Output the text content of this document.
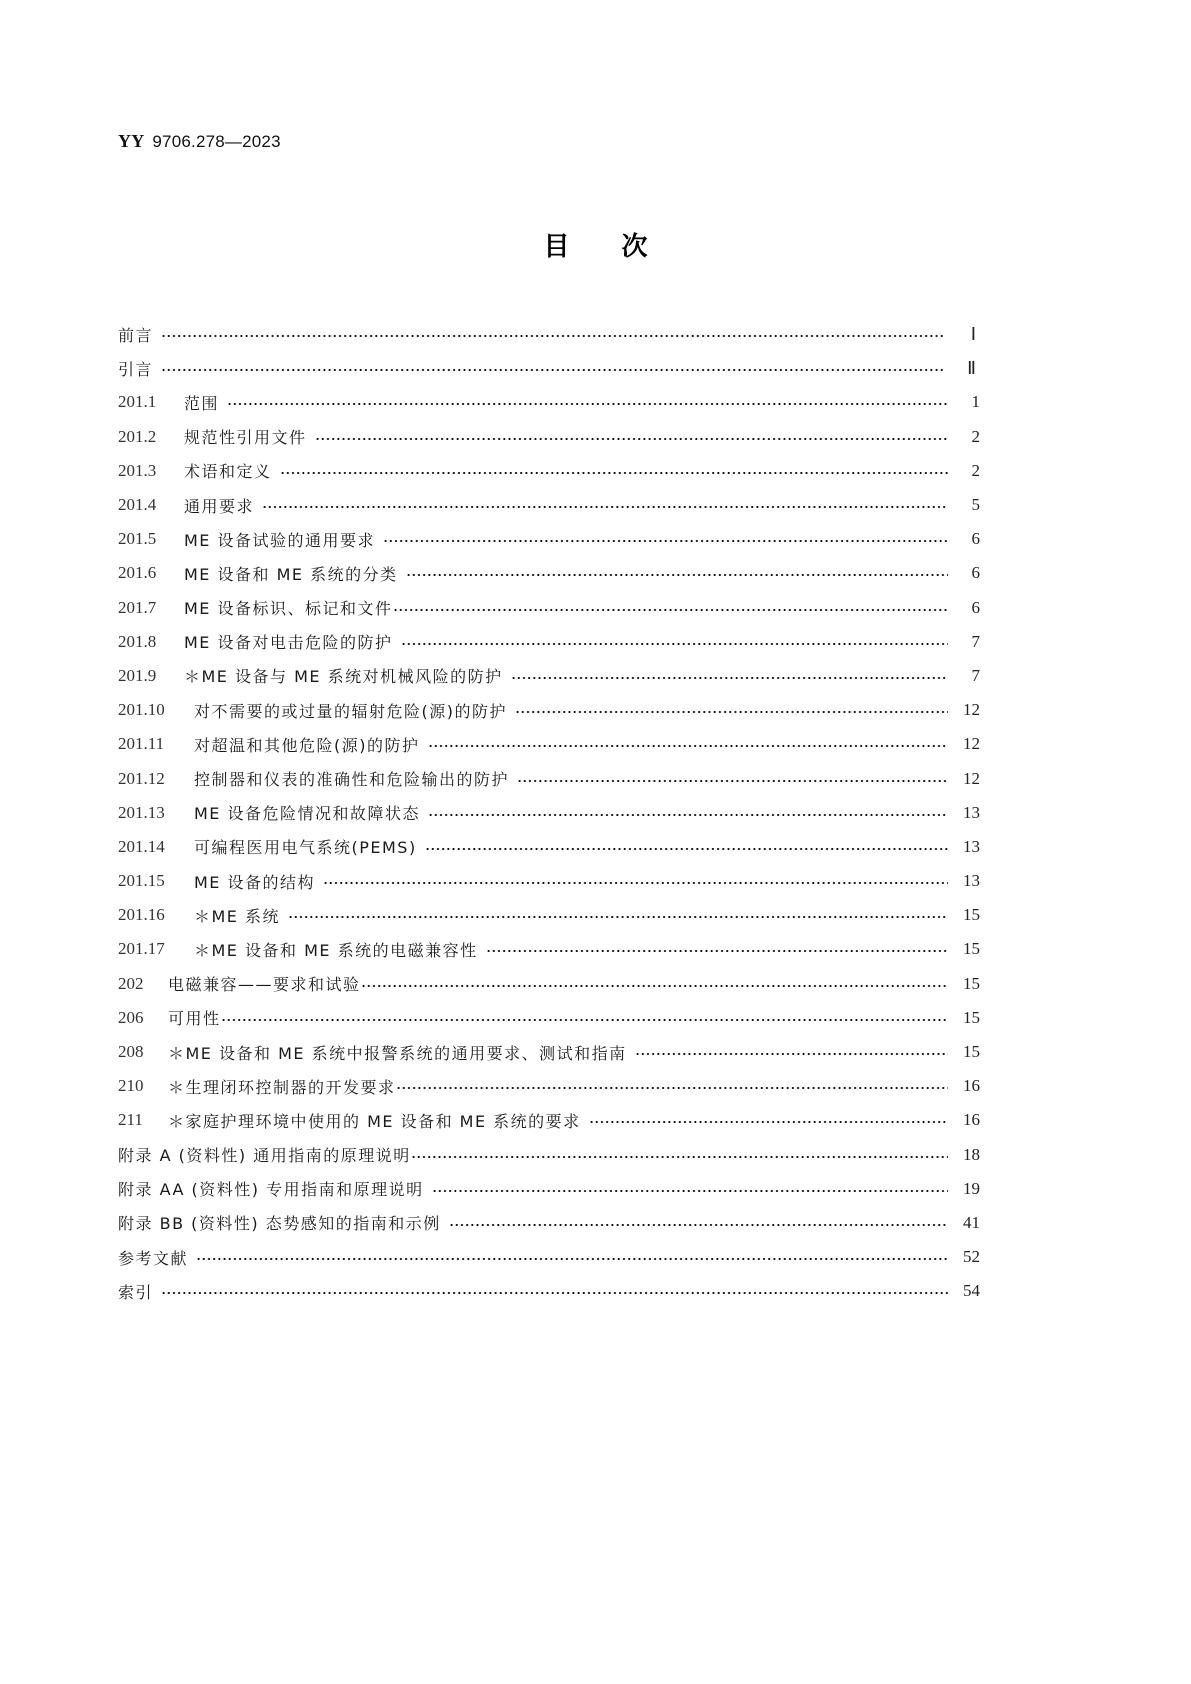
YY 9706.278—2023
目 次
前言	Ⅰ
引言	Ⅱ
201.1	范围	1
201.2	规范性引用文件	2
201.3	术语和定义	2
201.4	通用要求	5
201.5	ME 设备试验的通用要求	6
201.6	ME 设备和 ME 系统的分类	6
201.7	ME 设备标识、标记和文件	6
201.8	ME 设备对电击危险的防护	7
201.9	＊ME 设备与 ME 系统对机械风险的防护	7
201.10	对不需要的或过量的辐射危险(源)的防护	12
201.11	对超温和其他危险(源)的防护	12
201.12	控制器和仪表的准确性和危险输出的防护	12
201.13	ME 设备危险情况和故障状态	13
201.14	可编程医用电气系统(PEMS)	13
201.15	ME 设备的结构	13
201.16	＊ME 系统	15
201.17	＊ME 设备和 ME 系统的电磁兼容性	15
202	电磁兼容——要求和试验	15
206	可用性	15
208	＊ME 设备和 ME 系统中报警系统的通用要求、测试和指南	15
210	＊生理闭环控制器的开发要求	16
211	＊家庭护理环境中使用的 ME 设备和 ME 系统的要求	16
附录 A (资料性) 通用指南的原理说明	18
附录 AA (资料性) 专用指南和原理说明	19
附录 BB (资料性) 态势感知的指南和示例	41
参考文献	52
索引	54
